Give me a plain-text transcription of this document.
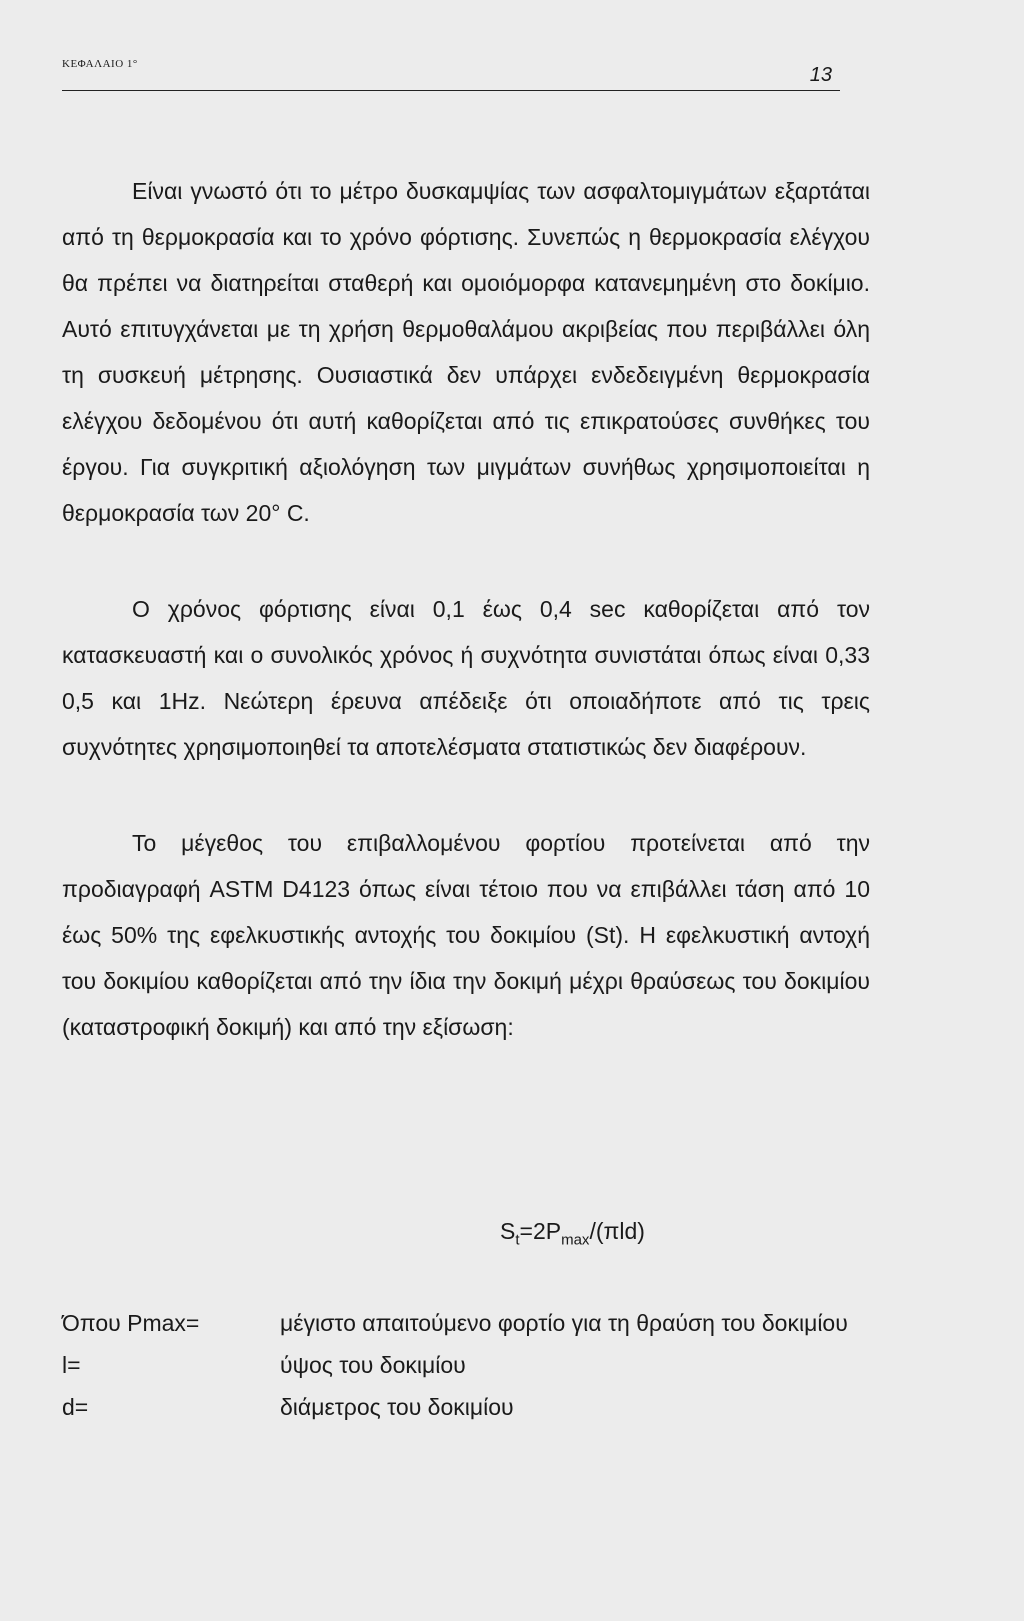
ΚΕΦΑΛΑΙΟ 1°	13

Είναι γνωστό ότι το μέτρο δυσκαμψίας των ασφαλτομιγμάτων εξαρτάται από τη θερμοκρασία και το χρόνο φόρτισης. Συνεπώς η θερμοκρασία ελέγχου θα πρέπει να διατηρείται σταθερή και ομοιόμορφα κατανεμημένη στο δοκίμιο. Αυτό επιτυγχάνεται με τη χρήση θερμοθαλάμου ακριβείας που περιβάλλει όλη τη συσκευή μέτρησης. Ουσιαστικά δεν υπάρχει ενδεδειγμένη θερμοκρασία ελέγχου δεδομένου ότι αυτή καθορίζεται από τις επικρατούσες συνθήκες του έργου. Για συγκριτική αξιολόγηση των μιγμάτων συνήθως χρησιμοποιείται η θερμοκρασία των 20° C.

Ο χρόνος φόρτισης είναι 0,1 έως 0,4 sec καθορίζεται από τον κατασκευαστή και ο συνολικός χρόνος ή συχνότητα συνιστάται όπως είναι 0,33 0,5 και 1Hz. Νεώτερη έρευνα απέδειξε ότι οποιαδήποτε από τις τρεις συχνότητες χρησιμοποιηθεί τα αποτελέσματα στατιστικώς δεν διαφέρουν.

Το μέγεθος του επιβαλλομένου φορτίου προτείνεται από την προδιαγραφή ASTM D4123 όπως είναι τέτοιο που να επιβάλλει τάση από 10 έως 50% της εφελκυστικής αντοχής του δοκιμίου (St). Η εφελκυστική αντοχή του δοκιμίου καθορίζεται από την ίδια την δοκιμή μέχρι θραύσεως του δοκιμίου (καταστροφική δοκιμή) και από την εξίσωση:

$S_t=2P_{max}/(\pi ld)$
Όπου Pmax=	μέγιστο απαιτούμενο φορτίο για τη θραύση του δοκιμίου
l=	ύψος του δοκιμίου
d=	διάμετρος του δοκιμίου
